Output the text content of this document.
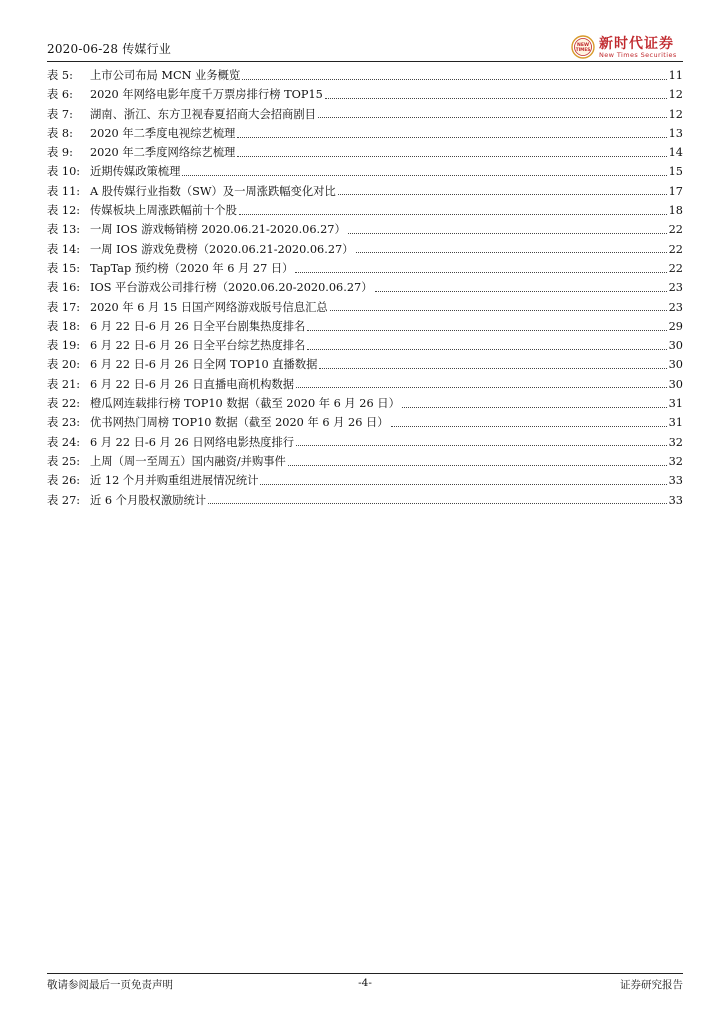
2020-06-28 传媒行业	NEW
TIMES 新时代证券
New Times Securities
表 5:	上市公司布局 MCN 业务概览	11
表 6:	2020 年网络电影年度千万票房排行榜 TOP15	12
表 7:	湖南、浙江、东方卫视春夏招商大会招商剧目	12
表 8:	2020 年二季度电视综艺梳理	13
表 9:	2020 年二季度网络综艺梳理	14
表 10: 近期传媒政策梳理	15
表 11: A 股传媒行业指数（SW）及一周涨跌幅变化对比	17
表 12: 传媒板块上周涨跌幅前十个股	18
表 13: 一周 IOS 游戏畅销榜 2020.06.21-2020.06.27）	22
表 14: 一周 IOS 游戏免费榜（2020.06.21-2020.06.27）	22
表 15: TapTap 预约榜（2020 年 6 月 27 日）	22
表 16: IOS 平台游戏公司排行榜（2020.06.20-2020.06.27）	23
表 17: 2020 年 6 月 15 日国产网络游戏版号信息汇总	23
表 18: 6 月 22 日-6 月 26 日全平台剧集热度排名	29
表 19: 6 月 22 日-6 月 26 日全平台综艺热度排名	30
表 20: 6 月 22 日-6 月 26 日全网 TOP10 直播数据	30
表 21: 6 月 22 日-6 月 26 日直播电商机构数据	30
表 22: 橙瓜网连载排行榜 TOP10 数据（截至 2020 年 6 月 26 日）	31
表 23: 优书网热门周榜 TOP10 数据（截至 2020 年 6 月 26 日）	31
表 24: 6 月 22 日-6 月 26 日网络电影热度排行	32
表 25: 上周（周一至周五）国内融资/并购事件	32
表 26: 近 12 个月并购重组进展情况统计	33
表 27: 近 6 个月股权激励统计	33
敬请参阅最后一页免责声明	-4-	证券研究报告
